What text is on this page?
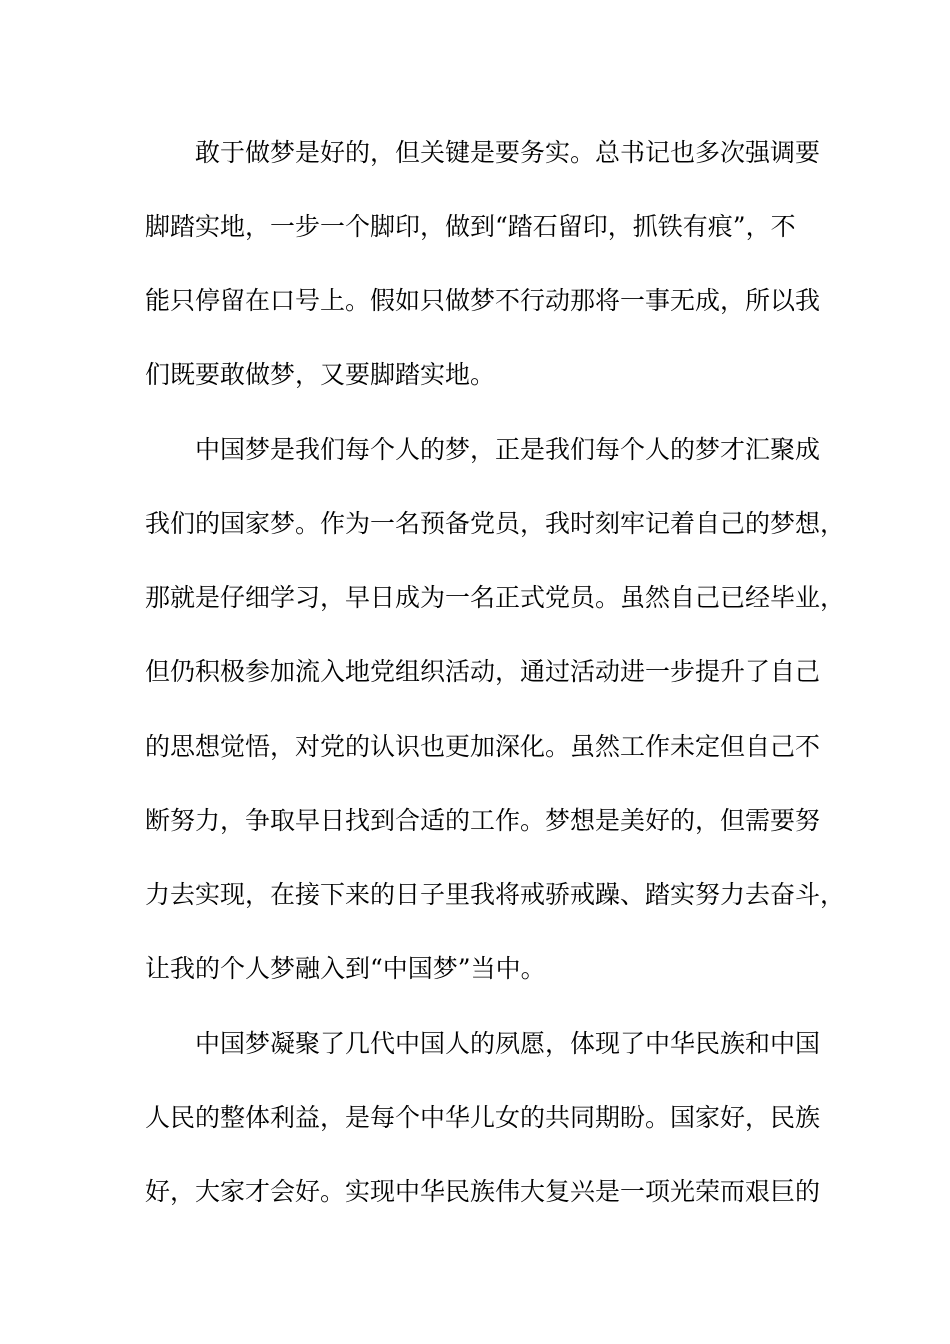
敢于做梦是好的，但关键是要务实。总书记也多次强调要
脚踏实地，一步一个脚印，做到“踏石留印，抓铁有痕”，不
能只停留在口号上。假如只做梦不行动那将一事无成，所以我
们既要敢做梦，又要脚踏实地。
中国梦是我们每个人的梦，正是我们每个人的梦才汇聚成
我们的国家梦。作为一名预备党员，我时刻牢记着自己的梦想，
那就是仔细学习，早日成为一名正式党员。虽然自己已经毕业，
但仍积极参加流入地党组织活动，通过活动进一步提升了自己
的思想觉悟，对党的认识也更加深化。虽然工作未定但自己不
断努力，争取早日找到合适的工作。梦想是美好的，但需要努
力去实现，在接下来的日子里我将戒骄戒躁、踏实努力去奋斗，
让我的个人梦融入到“中国梦”当中。
中国梦凝聚了几代中国人的夙愿，体现了中华民族和中国
人民的整体利益，是每个中华儿女的共同期盼。国家好，民族
好，大家才会好。实现中华民族伟大复兴是一项光荣而艰巨的
